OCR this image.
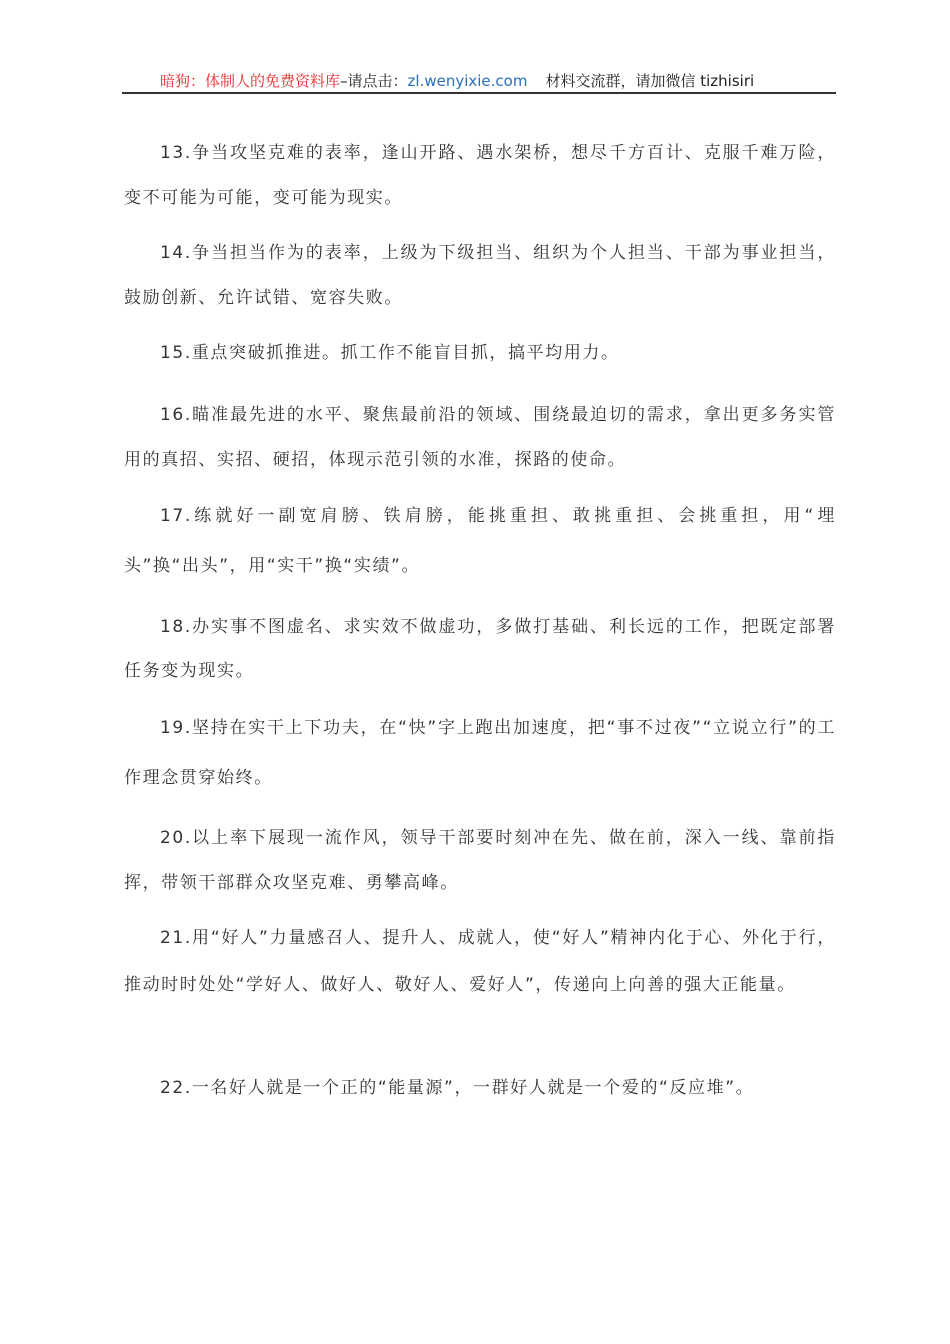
暗狗：体制人的免费资料库–请点击：zl.wenyixie.com 材料交流群，请加微信 tizhisiri

13.争当攻坚克难的表率，逢山开路、遇水架桥，想尽千方百计、克服千难万险，变不可能为可能，变可能为现实。

14.争当担当作为的表率，上级为下级担当、组织为个人担当、干部为事业担当，鼓励创新、允许试错、宽容失败。

15.重点突破抓推进。抓工作不能盲目抓，搞平均用力。

16.瞄准最先进的水平、聚焦最前沿的领域、围绕最迫切的需求，拿出更多务实管用的真招、实招、硬招，体现示范引领的水准，探路的使命。

17.练就好一副宽肩膀、铁肩膀，能挑重担、敢挑重担、会挑重担，用“埋头”换“出头”，用“实干”换“实绩”。

18.办实事不图虚名、求实效不做虚功，多做打基础、利长远的工作，把既定部署任务变为现实。

19.坚持在实干上下功夫，在“快”字上跑出加速度，把“事不过夜”“立说立行”的工作理念贯穿始终。

20.以上率下展现一流作风，领导干部要时刻冲在先、做在前，深入一线、靠前指挥，带领干部群众攻坚克难、勇攀高峰。

21.用“好人”力量感召人、提升人、成就人，使“好人”精神内化于心、外化于行，推动时时处处“学好人、做好人、敬好人、爱好人”，传递向上向善的强大正能量。

22.一名好人就是一个正的“能量源”，一群好人就是一个爱的“反应堆”。
